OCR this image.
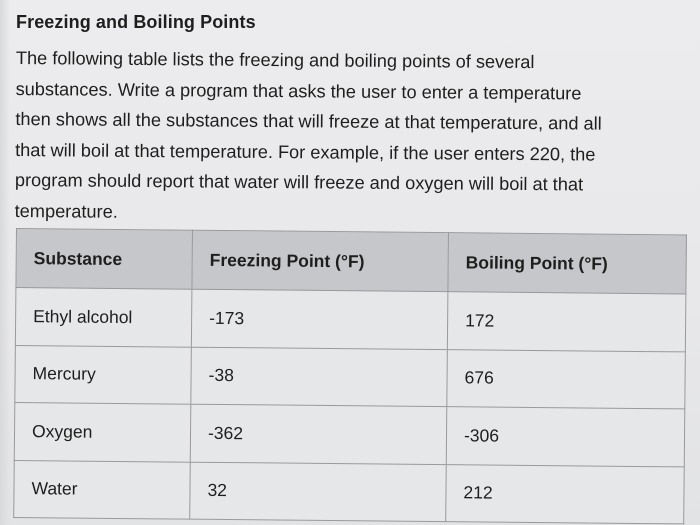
Freezing and Boiling Points

The following table lists the freezing and boiling points of several

substances. Write a program that asks the user to enter a temperature

then shows all the substances that will freeze at that temperature, and all

that will boil at that temperature. For example, if the user enters 220, the

program should report that water will freeze and oxygen will boil at that

temperature.

Substance	Freezing Point (°F)	Boiling Point (°F)
Ethyl alcohol	-173	172
Mercury	-38	676
Oxygen	-362	-306
Water	32	212
